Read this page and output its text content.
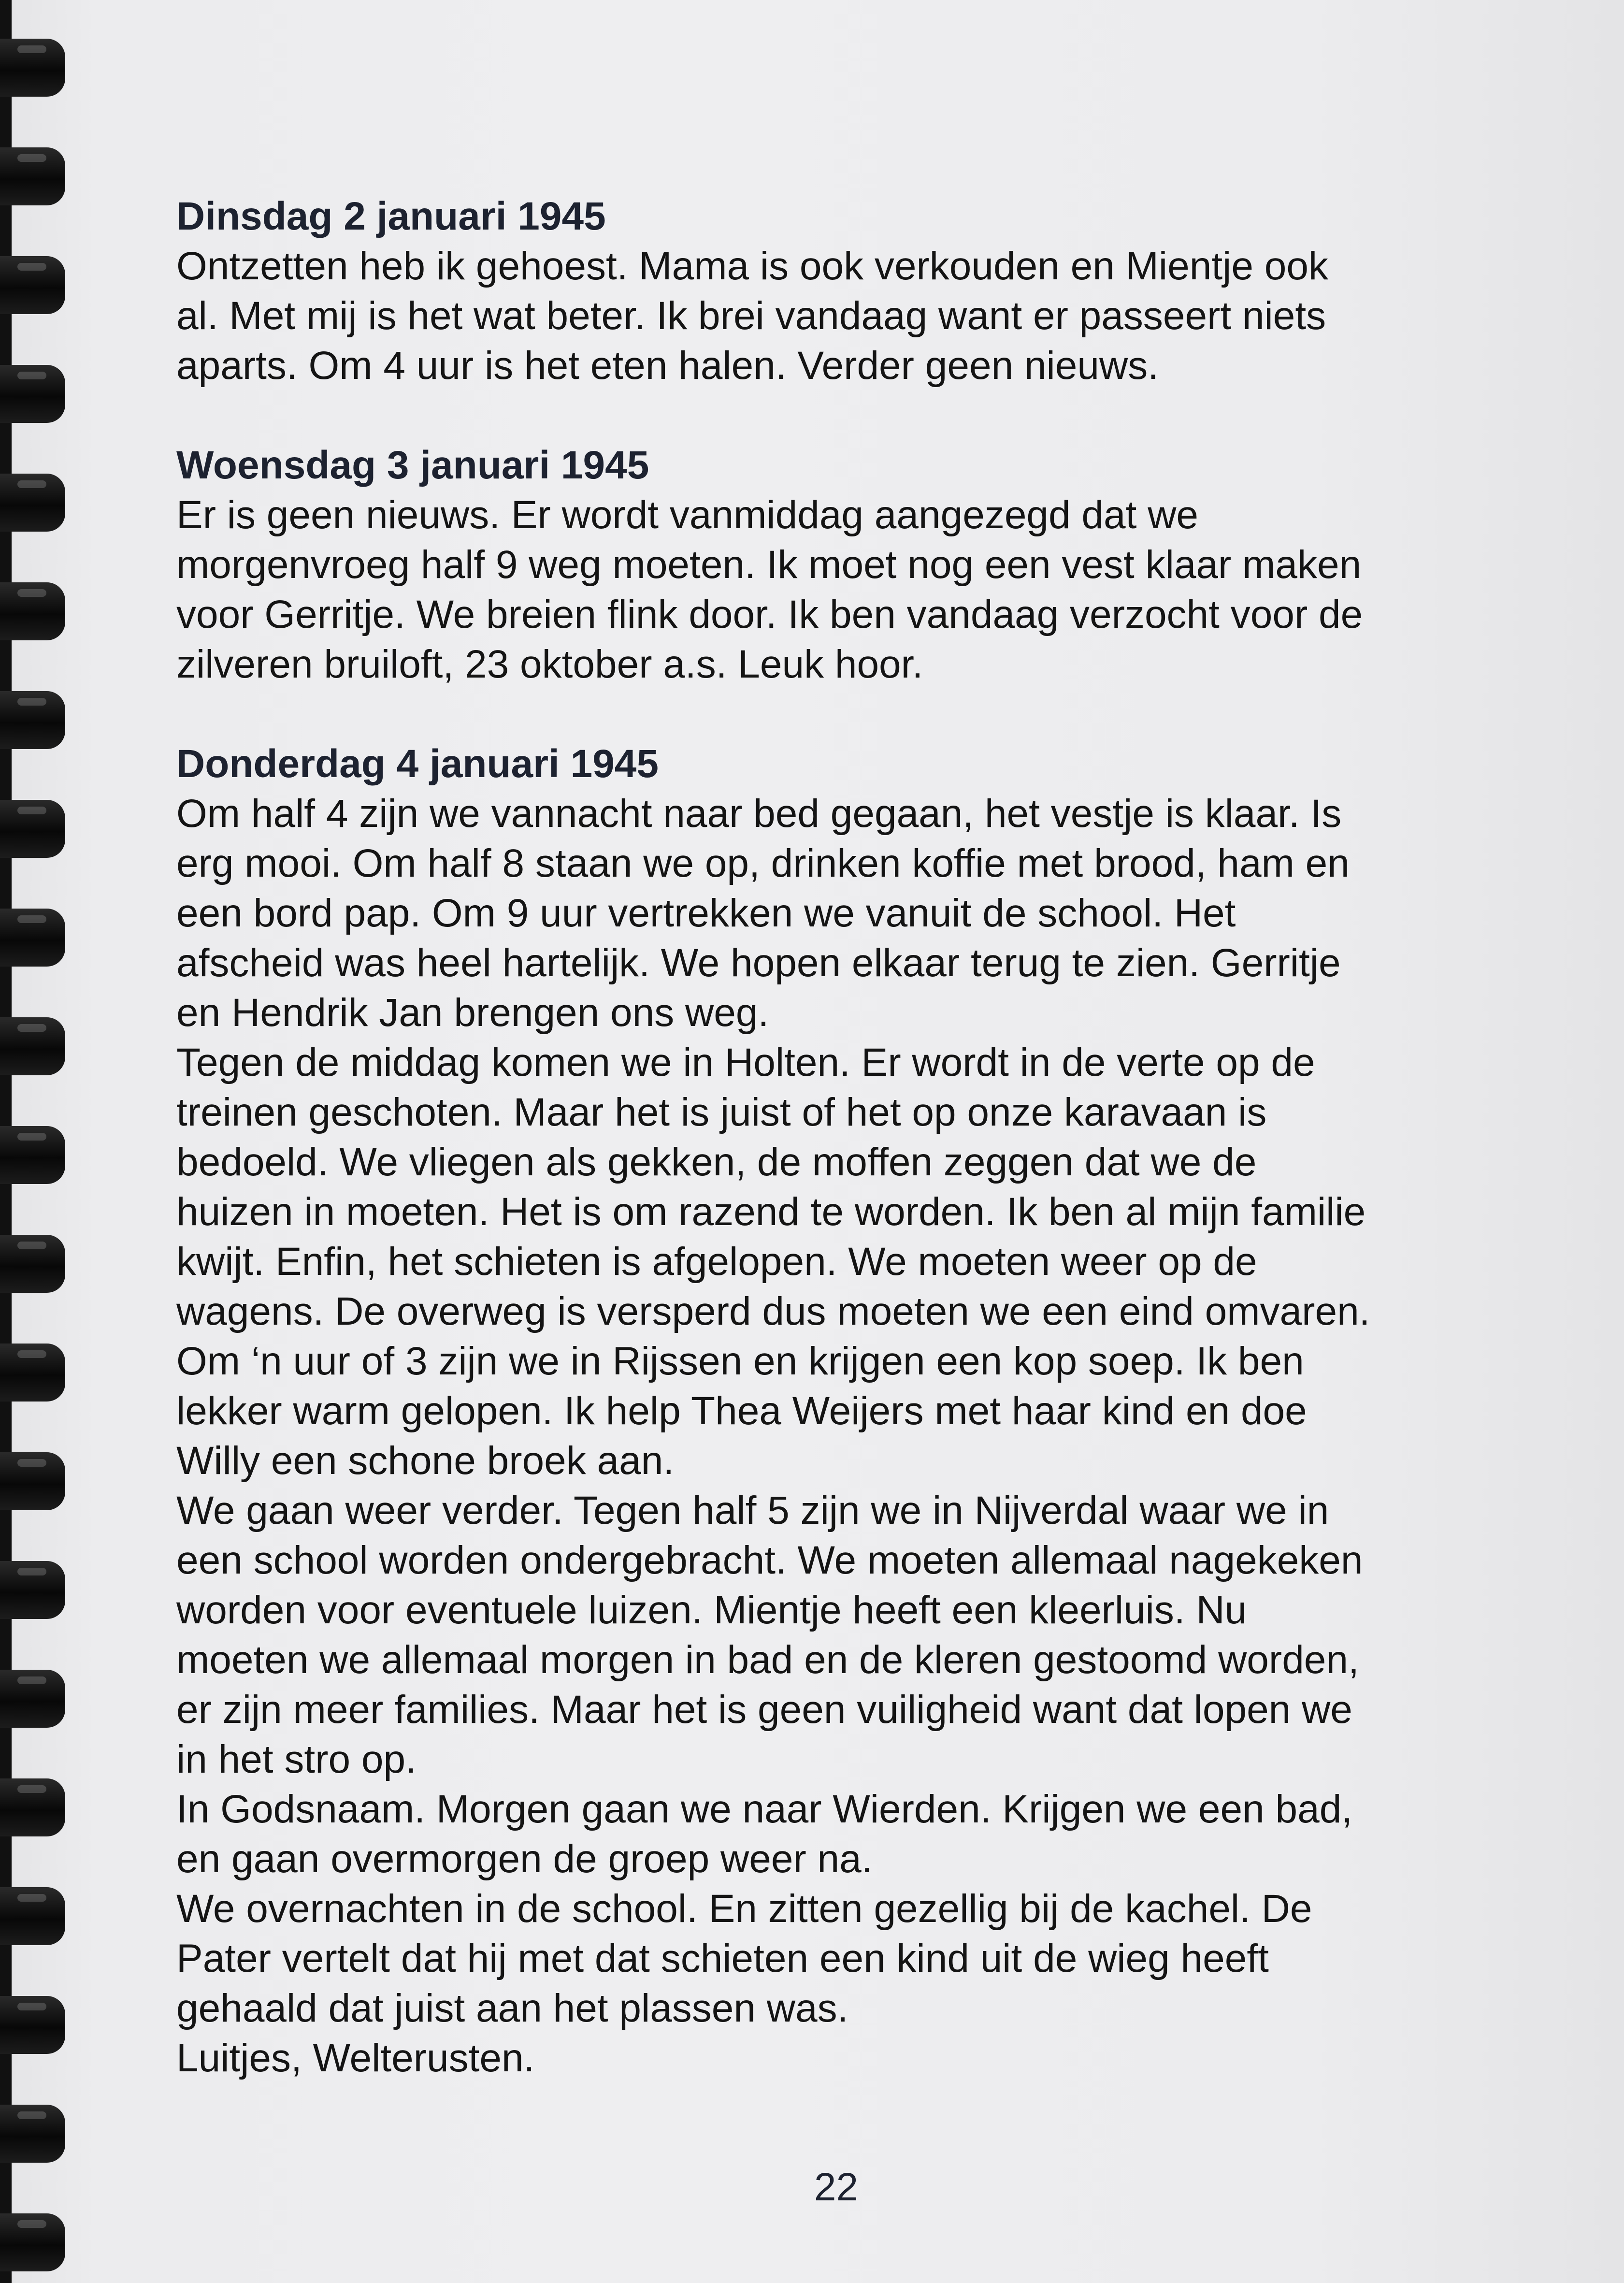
Dinsdag 2 januari 1945
Ontzetten heb ik gehoest. Mama is ook verkouden en Mientje ook
al. Met mij is het wat beter. Ik brei vandaag want er passeert niets
aparts. Om 4 uur is het eten halen. Verder geen nieuws.
Woensdag 3 januari 1945
Er is geen nieuws. Er wordt vanmiddag aangezegd dat we
morgenvroeg half 9 weg moeten. Ik moet nog een vest klaar maken
voor Gerritje. We breien flink door. Ik ben vandaag verzocht voor de
zilveren bruiloft, 23 oktober a.s. Leuk hoor.
Donderdag 4 januari 1945
Om half 4 zijn we vannacht naar bed gegaan, het vestje is klaar. Is
erg mooi. Om half 8 staan we op, drinken koffie met brood, ham en
een bord pap. Om 9 uur vertrekken we vanuit de school. Het
afscheid was heel hartelijk. We hopen elkaar terug te zien. Gerritje
en Hendrik Jan brengen ons weg.
Tegen de middag komen we in Holten. Er wordt in de verte op de
treinen geschoten. Maar het is juist of het op onze karavaan is
bedoeld. We vliegen als gekken, de moffen zeggen dat we de
huizen in moeten. Het is om razend te worden. Ik ben al mijn familie
kwijt. Enfin, het schieten is afgelopen. We moeten weer op de
wagens. De overweg is versperd dus moeten we een eind omvaren.
Om ‘n uur of 3 zijn we in Rijssen en krijgen een kop soep. Ik ben
lekker warm gelopen. Ik help Thea Weijers met haar kind en doe
Willy een schone broek aan.
We gaan weer verder. Tegen half 5 zijn we in Nijverdal waar we in
een school worden ondergebracht. We moeten allemaal nagekeken
worden voor eventuele luizen. Mientje heeft een kleerluis. Nu
moeten we allemaal morgen in bad en de kleren gestoomd worden,
er zijn meer families. Maar het is geen vuiligheid want dat lopen we
in het stro op.
In Godsnaam. Morgen gaan we naar Wierden. Krijgen we een bad,
en gaan overmorgen de groep weer na.
We overnachten in de school. En zitten gezellig bij de kachel. De
Pater vertelt dat hij met dat schieten een kind uit de wieg heeft
gehaald dat juist aan het plassen was.
Luitjes, Welterusten.
22
